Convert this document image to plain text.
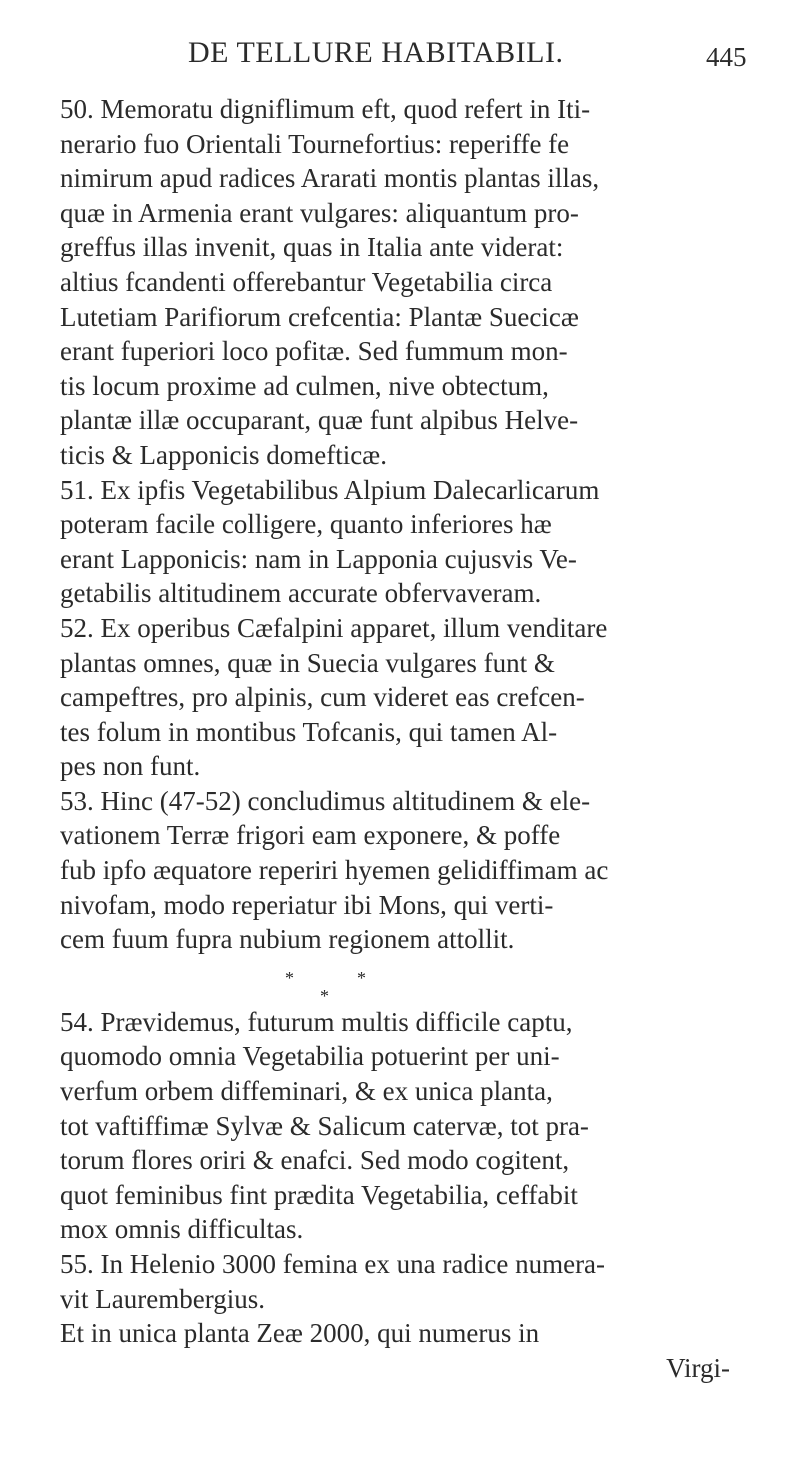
DE TELLURE HABITABILI.	445

50. Memoratu digniflimum eft, quod refert in Iti-
nerario fuo Orientali Tournefortius: reperiffe fe
nimirum apud radices Ararati montis plantas illas,
quæ in Armenia erant vulgares: aliquantum pro-
greffus illas invenit, quas in Italia ante viderat:
altius fcandenti offerebantur Vegetabilia circa
Lutetiam Parifiorum crefcentia: Plantæ Suecicæ
erant fuperiori loco pofitæ. Sed fummum mon-
tis locum proxime ad culmen, nive obtectum,
plantæ illæ occuparant, quæ funt alpibus Helve-
ticis & Lapponicis domefticæ.

51. Ex ipfis Vegetabilibus Alpium Dalecarlicarum
poteram facile colligere, quanto inferiores hæ
erant Lapponicis: nam in Lapponia cujusvis Ve-
getabilis altitudinem accurate obfervaveram.

52. Ex operibus Cæfalpini apparet, illum venditare
plantas omnes, quæ in Suecia vulgares funt &
campeftres, pro alpinis, cum videret eas crefcen-
tes folum in montibus Tofcanis, qui tamen Al-
pes non funt.

53. Hinc (47-52) concludimus altitudinem & ele-
vationem Terræ frigori eam exponere, & poffe
fub ipfo æquatore reperiri hyemen gelidiffimam ac
nivofam, modo reperiatur ibi Mons, qui verti-
cem fuum fupra nubium regionem attollit.

*	*
*

54. Prævidemus, futurum multis difficile captu,
quomodo omnia Vegetabilia potuerint per uni-
verfum orbem diffeminari, & ex unica planta,
tot vaftiffimæ Sylvæ & Salicum catervæ, tot pra-
torum flores oriri & enafci. Sed modo cogitent,
quot feminibus fint prædita Vegetabilia, ceffabit
mox omnis difficultas.

55. In Helenio 3000 femina ex una radice numera-
vit Laurembergius.
Et in unica planta Zeæ 2000, qui numerus in
Virgi-
